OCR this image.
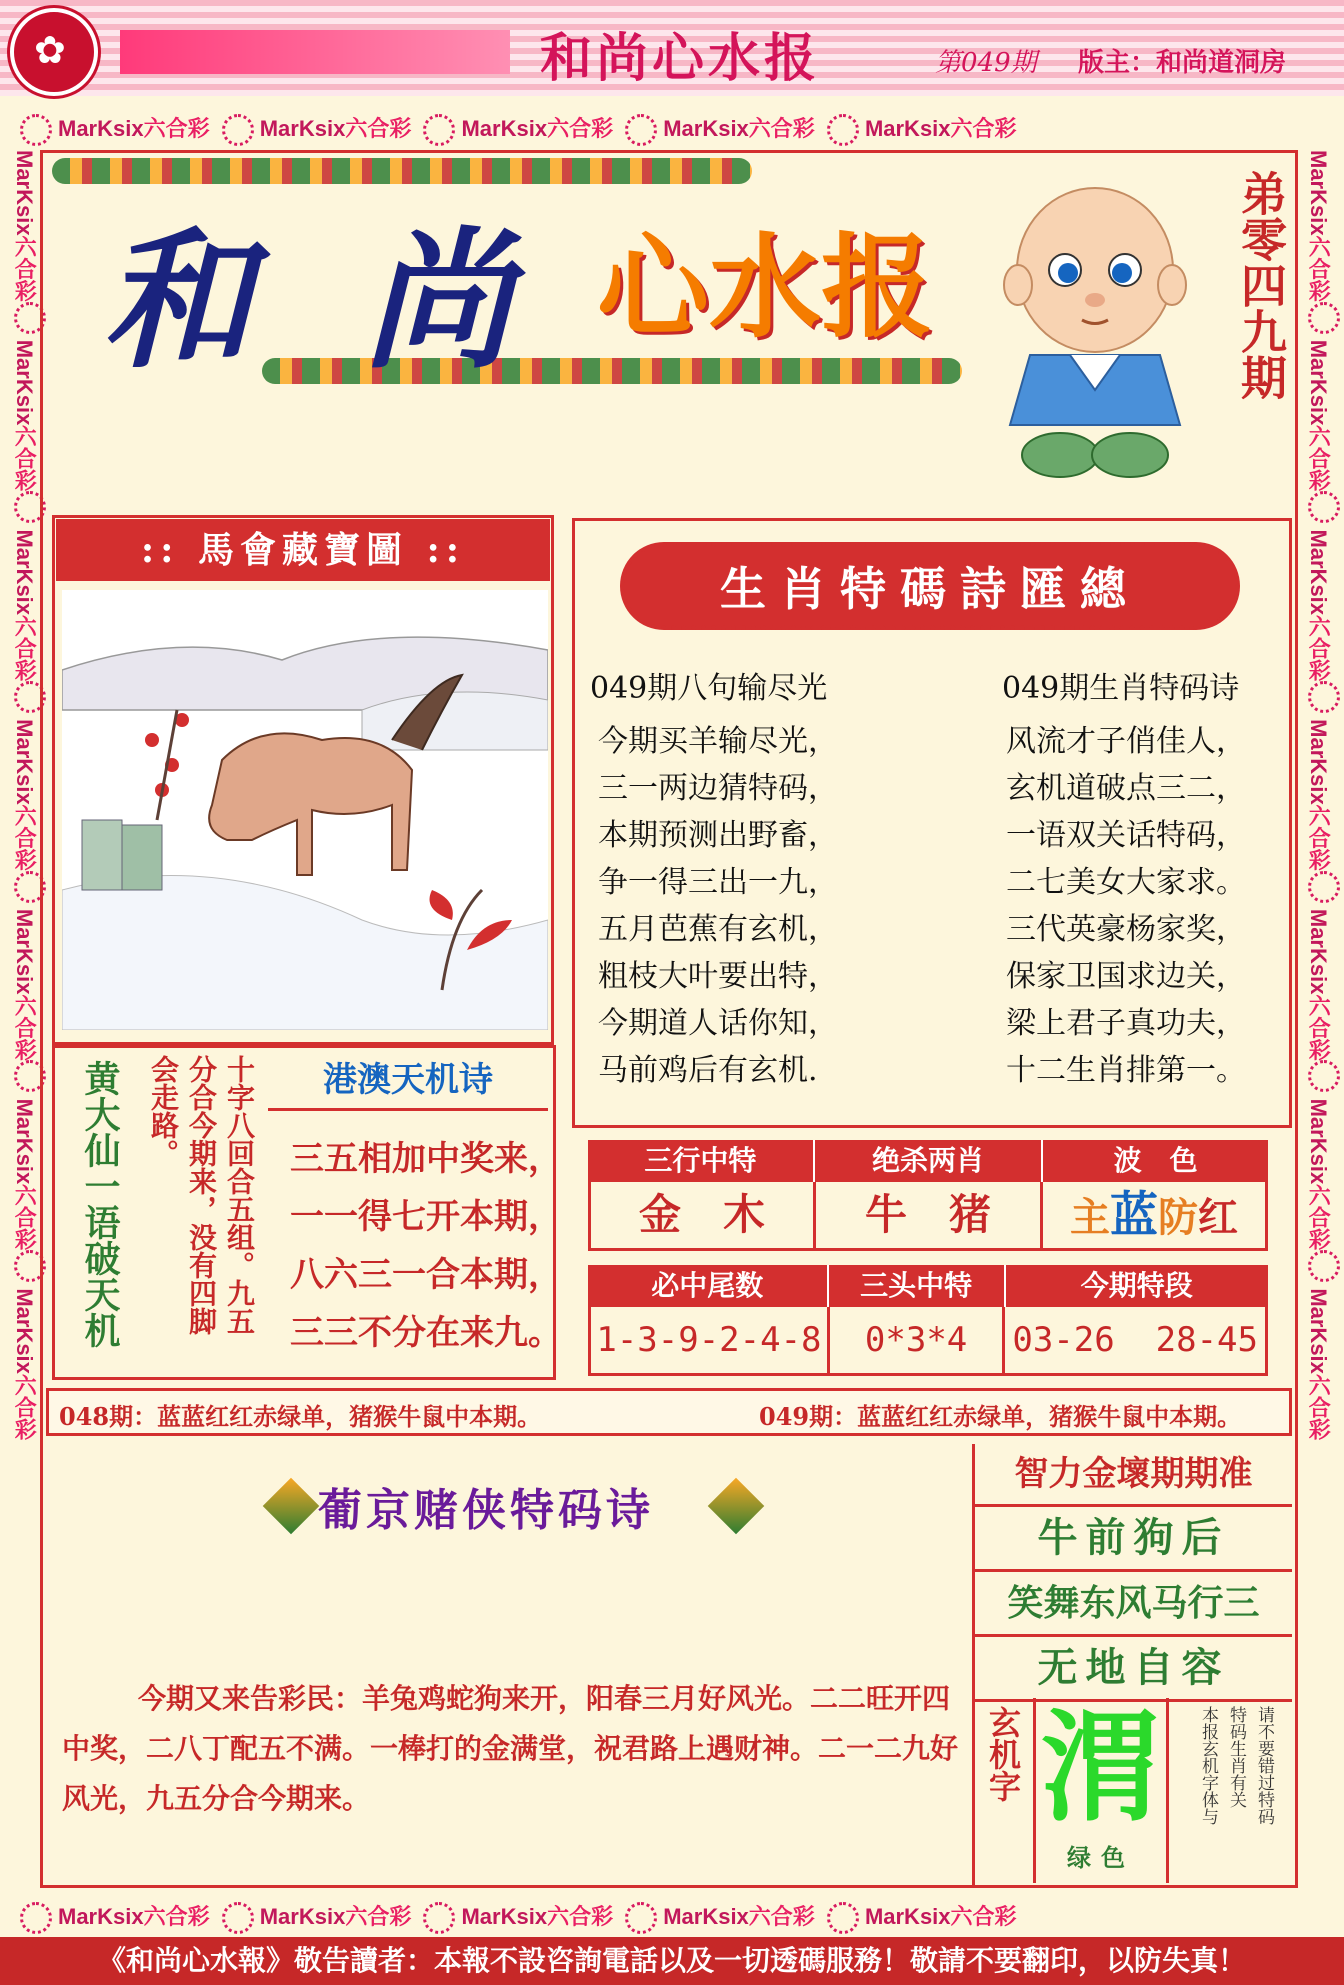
✿	和尚心水报	第049期 版主：和尚道洞房
MarKsix六合彩 MarKsix六合彩 MarKsix六合彩 MarKsix六合彩 MarKsix六合彩
MarKsix六合彩 MarKsix六合彩 MarKsix六合彩 MarKsix六合彩 MarKsix六合彩
MarKsix六合彩 MarKsix六合彩 MarKsix六合彩 MarKsix六合彩 MarKsix六合彩 MarKsix六合彩 MarKsix六合彩
MarKsix六合彩 MarKsix六合彩 MarKsix六合彩 MarKsix六合彩 MarKsix六合彩 MarKsix六合彩 MarKsix六合彩
和 尚 心水报	弟零四九期
:: 馬會藏寶圖 ::
生肖特碼詩匯總
049期八句输尽光	049期生肖特码诗
今期买羊输尽光，
三一两边猜特码，
本期预测出野畜，
争一得三出一九，
五月芭蕉有玄机，
粗枝大叶要出特，
今期道人话你知，
马前鸡后有玄机.
风流才子俏佳人，
玄机道破点三二，
一语双关话特码，
二七美女大家求。
三代英豪杨家奖，
保家卫国求边关，
梁上君子真功夫，
十二生肖排第一。
黄大仙一语破天机	十字八回合五组。九五
分合今期来，没有四脚
会走路。	港澳天机诗
三五相加中奖来，
一一得七开本期，
八六三一合本期，
三三不分在来九。
三行中特	绝杀两肖	波　色
金　木	牛　猪	主蓝防红
必中尾数	三头中特	今期特段
1-3-9-2-4-8	0*3*4	03-26  28-45
048期：蓝蓝红红赤绿单，猪猴牛鼠中本期。	049期：蓝蓝红红赤绿单，猪猴牛鼠中本期。
葡京赌侠特码诗
今期又来告彩民：羊兔鸡蛇狗来开，阳春三月好风光。二二旺开四中奖，二八丁配五不满。一棒打的金满堂，祝君路上遇财神。二一二九好风光，九五分合今期来。
智力金壞期期准
牛前狗后
笑舞东风马行三
无地自容
玄机字 渭
绿色
请不要错过特码
特码生肖有关
本报玄机字体与
《和尚心水報》敬告讀者：本報不設咨詢電話以及一切透碼服務！敬請不要翻印，以防失真！
